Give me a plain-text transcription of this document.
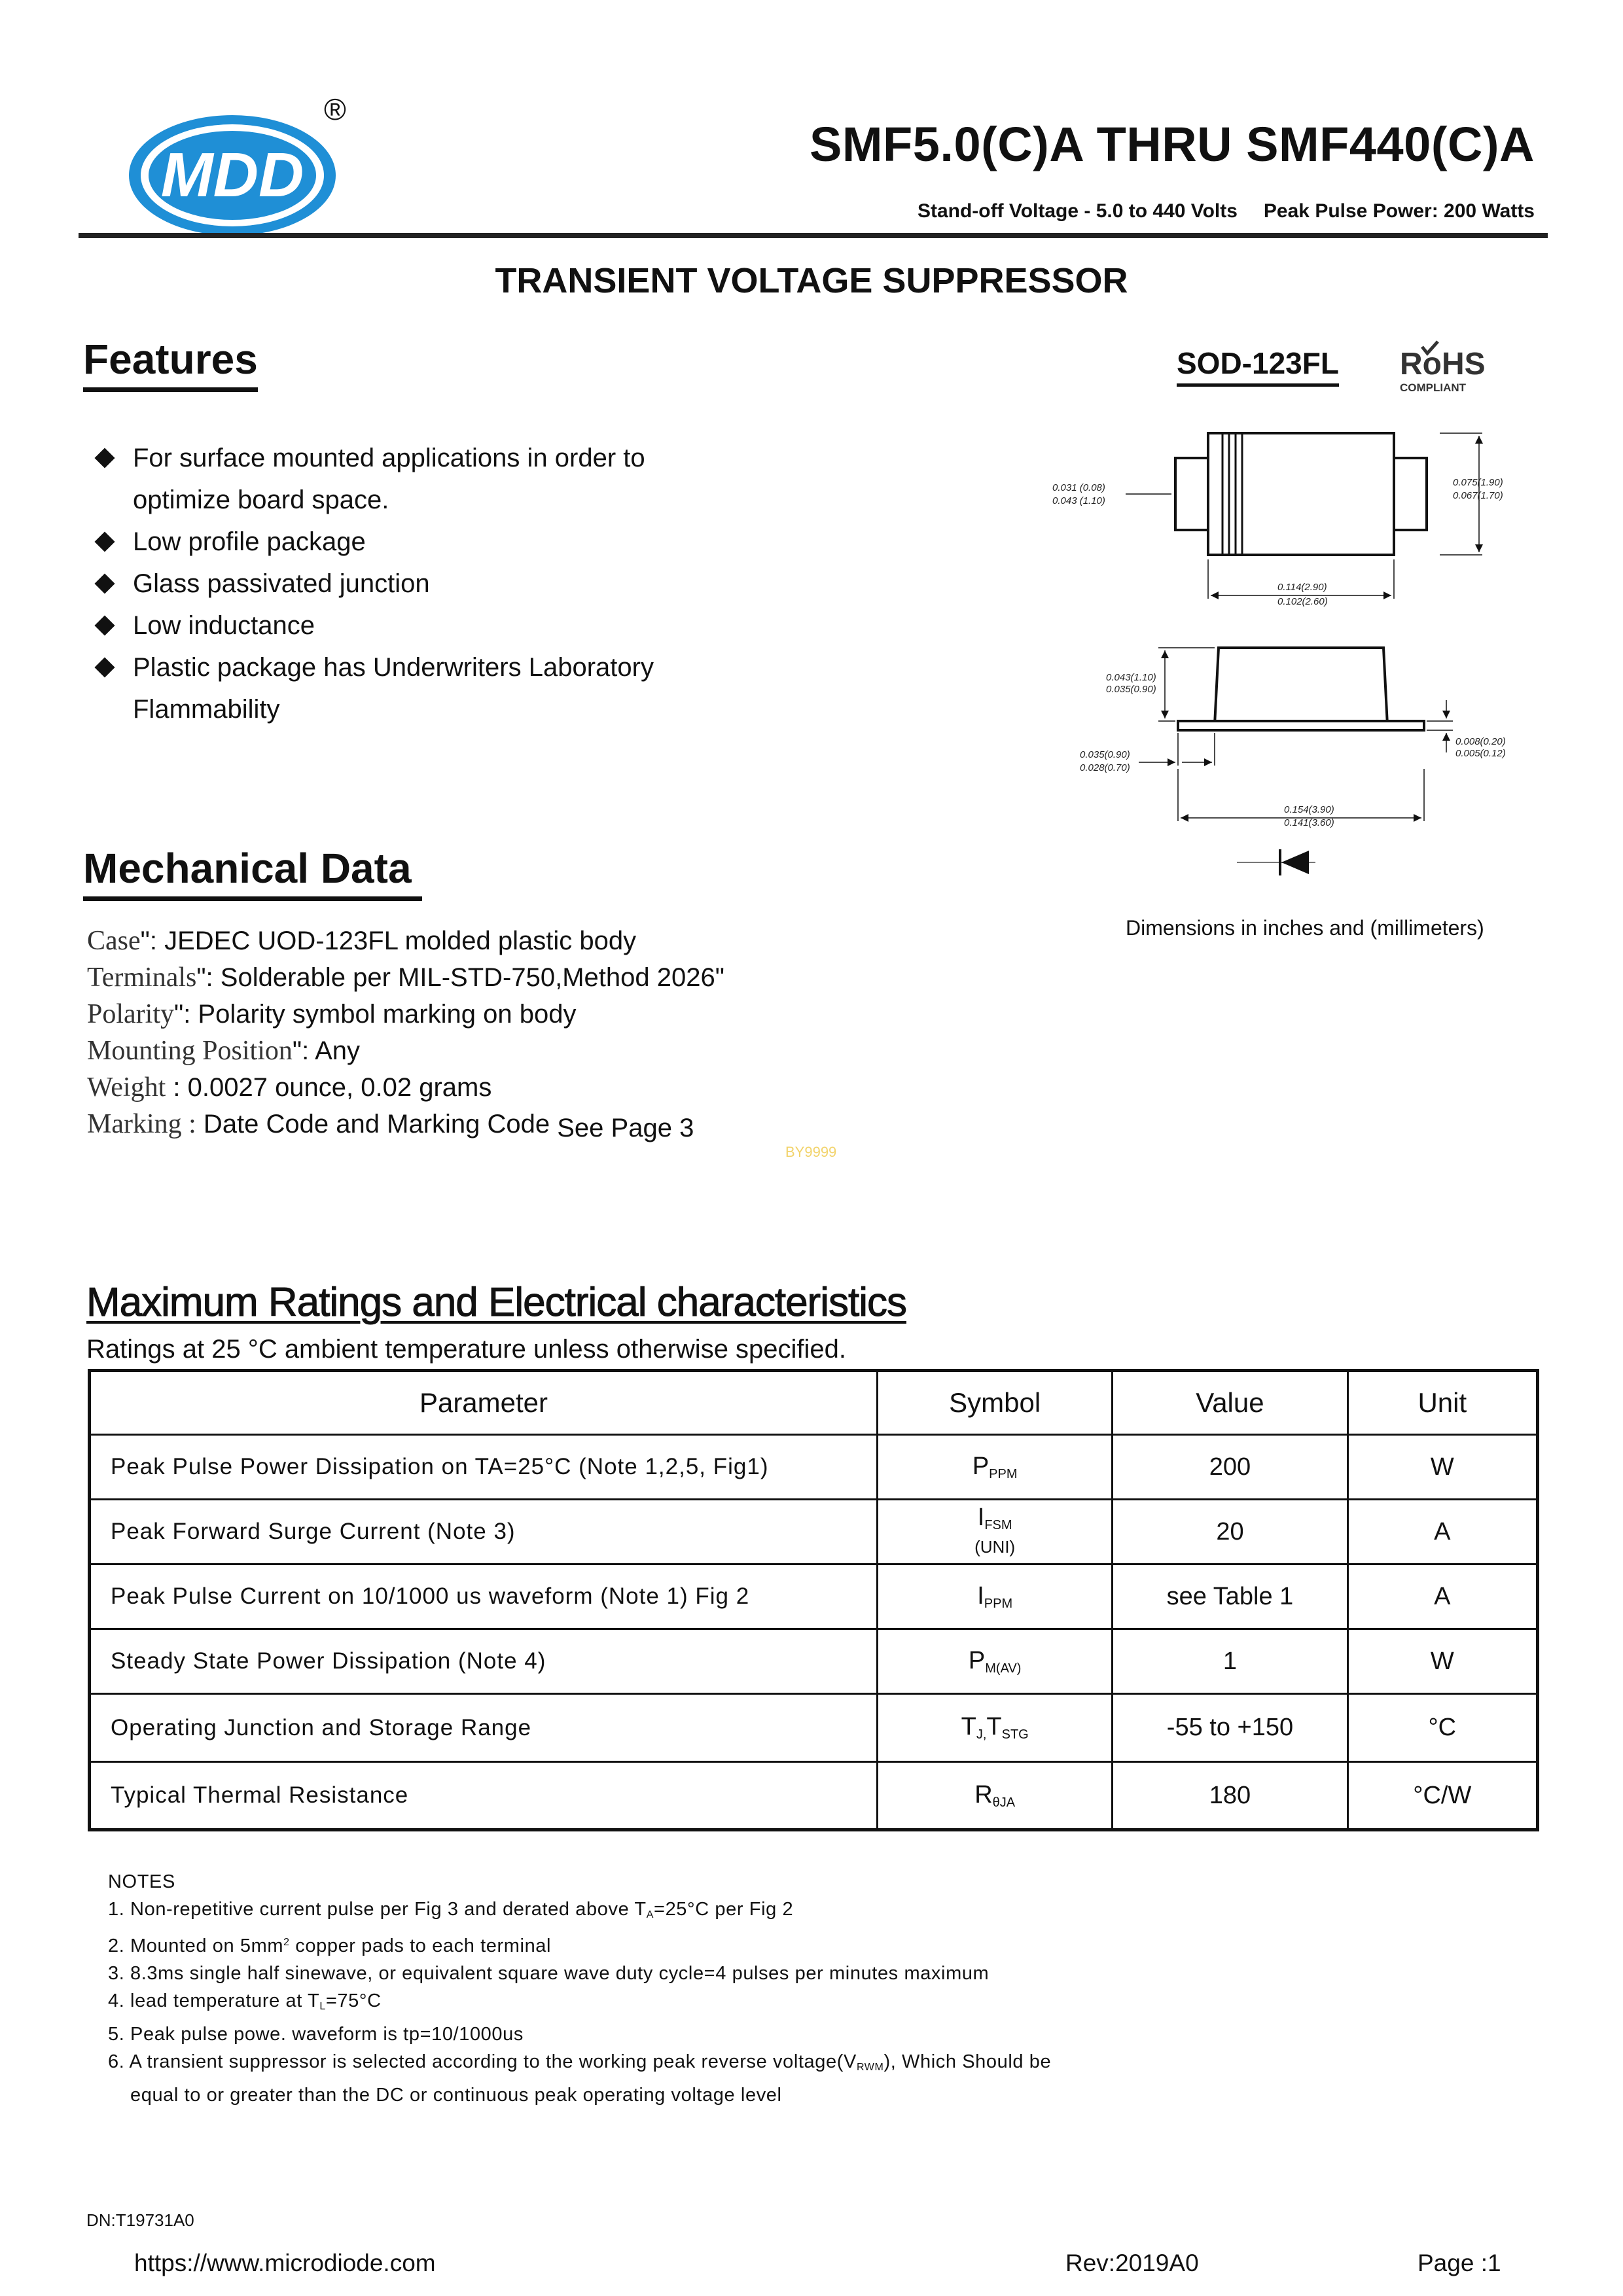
MDD
®
SMF5.0(C)A THRU SMF440(C)A
Stand-off Voltage - 5.0 to 440 Volts Peak Pulse Power: 200 Watts
TRANSIENT VOLTAGE SUPPRESSOR
Features
For surface mounted applications in order to
optimize board space.
Low profile package
Glass passivated junction
Low inductance
Plastic package has Underwriters Laboratory
Flammability
SOD-123FL RoHS
COMPLIANT
0.031 (0.08)
0.043 (1.10)
0.075(1.90)
0.067(1.70)
0.114(2.90)
0.102(2.60)
0.043(1.10)
0.035(0.90)
0.035(0.90)
0.028(0.70)
0.008(0.20)
0.005(0.12)
0.154(3.90)
0.141(3.60)
Dimensions in inches and (millimeters)
Mechanical Data
Case": JEDEC UOD-123FL molded plastic body
Terminals": Solderable per MIL-STD-750,Method 2026"
Polarity": Polarity symbol marking on body
Mounting Position": Any
Weight : 0.0027 ounce, 0.02 grams
Marking : Date Code and Marking Code See Page 3
BY9999
Maximum Ratings and Electrical characteristics
Ratings at 25 °C ambient temperature unless otherwise specified.
Parameter	Symbol	Value	Unit
Peak Pulse Power Dissipation on TA=25°C (Note 1,2,5, Fig1)	$P_{PPM}$	200	W
Peak Forward Surge Current (Note 3)	$I_{FSM}$
(UNI)	20	A
Peak Pulse Current on 10/1000 us waveform (Note 1) Fig 2	$I_{PPM}$	see Table 1	A
Steady State Power Dissipation (Note 4)	$P_{M(AV)}$	1	W
Operating Junction and Storage Range	$T_{J,}T_{STG}$	-55 to +150	°C
Typical Thermal Resistance	$R_{\theta JA}$	180	°C/W
NOTES
1. Non-repetitive current pulse per Fig 3 and derated above TA=25°C per Fig 2
2. Mounted on $5mm^2$ copper pads to each terminal
3. 8.3ms single half sinewave, or equivalent square wave duty cycle=4 pulses per minutes maximum
4. lead temperature at TL=75°C
5. Peak pulse powe. waveform is tp=10/1000us
6. A transient suppressor is selected according to the working peak reverse voltage(VRWM), Which Should be
equal to or greater than the DC or continuous peak operating voltage level
DN:T19731A0
https://www.microdiode.com	Rev:2019A0	Page :1
